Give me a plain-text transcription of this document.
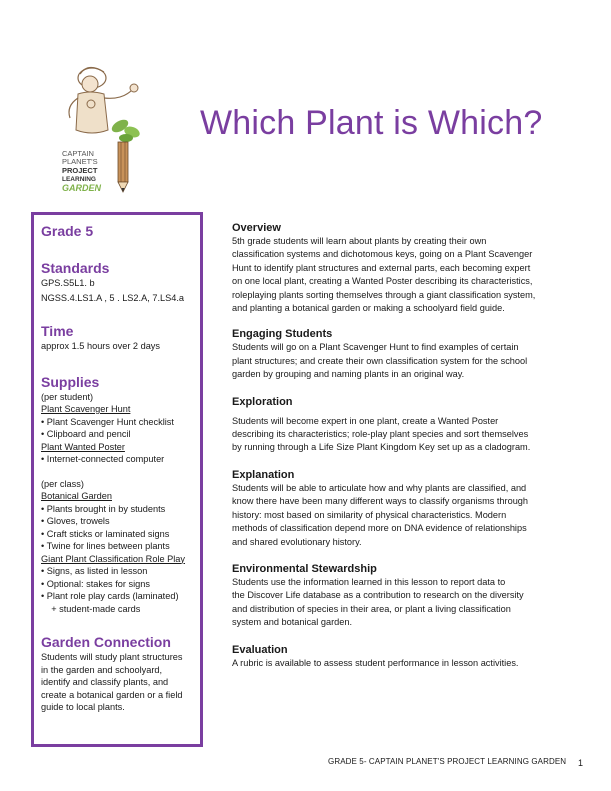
CAPTAIN
PLANET'S
PROJECT
LEARNING
GARDEN
Which Plant is Which?

Grade 5

Standards

GPS.S5L1. b
NGSS.4.LS1.A , 5 . LS2.A, 7.LS4.a

Time

approx 1.5 hours over 2 days

Supplies

(per student)
Plant Scavenger Hunt
• Plant Scavenger Hunt checklist
• Clipboard and pencil
Plant Wanted Poster
• Internet-connected computer
(per class)
Botanical Garden
• Plants brought in by students
• Gloves, trowels
• Craft sticks or laminated signs
• Twine for lines between plants
Giant Plant Classification Role Play
• Signs, as listed in lesson
• Optional: stakes for signs
• Plant role play cards (laminated)
+ student-made cards

Garden Connection

Students will study plant structures
in the garden and schoolyard,
identify and classify plants, and
create a botanical garden or a field
guide to local plants.

Overview

5th grade students will learn about plants by creating their own

classification systems and dichotomous keys, going on a Plant Scavenger

Hunt to identify plant structures and external parts, each becoming expert

on one local plant, creating a Wanted Poster describing its characteristics,

roleplaying plants sorting themselves through a giant classification system,

and planting a botanical garden or making a schoolyard field guide.

Engaging Students

Students will go on a Plant Scavenger Hunt to find examples of certain

plant structures; and create their own classification system for the school

garden by grouping and naming plants in an original way.

Exploration

Students will become expert in one plant, create a Wanted Poster

describing its characteristics; role-play plant species and sort themselves

by running through a Life Size Plant Kingdom Key set up as a cladogram.

Explanation

Students will be able to articulate how and why plants are classified, and

know there have been many different ways to classify organisms through

history: most based on similarity of physical characteristics. Modern

methods of classification depend more on DNA evidence of relationships

and shared evolutionary history.

Environmental Stewardship

Students use the information learned in this lesson to report data to

the Discover Life database as a contribution to research on the diversity

and distribution of species in their area, or plant a living classification

system and botanical garden.

Evaluation

A rubric is available to assess student performance in lesson activities.

GRADE 5- CAPTAIN PLANET'S PROJECT LEARNING GARDEN 1
